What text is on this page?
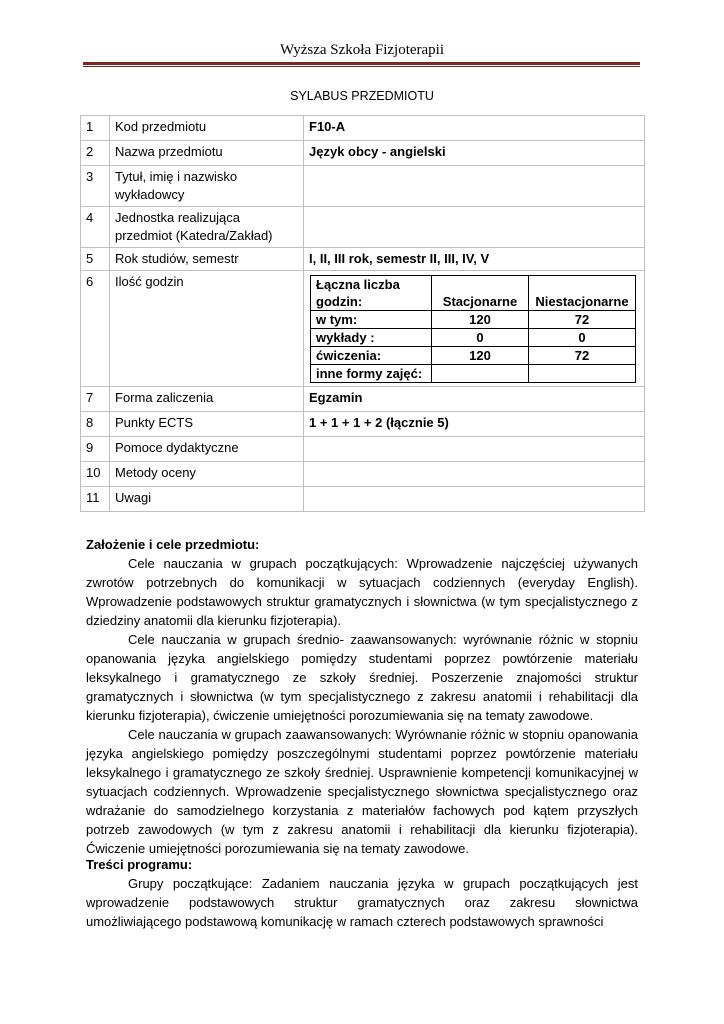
Wyższa Szkoła Fizjoterapii
SYLABUS PRZEDMIOTU
1	Kod przedmiotu	F10-A
2	Nazwa przedmiotu	Język obcy - angielski
3	Tytuł, imię i nazwisko wykładowcy	
4	Jednostka realizująca przedmiot (Katedra/Zakład)	
5	Rok studiów, semestr	I, II, III rok, semestr II, III, IV, V
6	Ilość godzin		Łączna liczba godzin:	Stacjonarne	Niestacjonarne
w tym:	120	72
wykłady :	0	0
ćwiczenia:	120	72
inne formy zajęć:		

7	Forma zaliczenia	Egzamin
8	Punkty ECTS	1 + 1 + 1 + 2 (łącznie 5)
9	Pomoce dydaktyczne	
10	Metody oceny	
11	Uwagi	

Założenie i cele przedmiotu:

Cele nauczania w grupach początkujących: Wprowadzenie najczęściej używanych zwrotów potrzebnych do komunikacji w sytuacjach codziennych (everyday English). Wprowadzenie podstawowych struktur gramatycznych i słownictwa (w tym specjalistycznego z dziedziny anatomii dla kierunku fizjoterapia).

Cele nauczania w grupach średnio- zaawansowanych: wyrównanie różnic w stopniu opanowania języka angielskiego pomiędzy studentami poprzez powtórzenie materiału leksykalnego i gramatycznego ze szkoły średniej. Poszerzenie znajomości struktur gramatycznych i słownictwa (w tym specjalistycznego z zakresu anatomii i rehabilitacji dla kierunku fizjoterapia), ćwiczenie umiejętności porozumiewania się na tematy zawodowe.

Cele nauczania w grupach zaawansowanych: Wyrównanie różnic w stopniu opanowania języka angielskiego pomiędzy poszczególnymi studentami poprzez powtórzenie materiału leksykalnego i gramatycznego ze szkoły średniej. Usprawnienie kompetencji komunikacyjnej w sytuacjach codziennych. Wprowadzenie specjalistycznego słownictwa specjalistycznego oraz wdrażanie do samodzielnego korzystania z materiałów fachowych pod kątem przyszłych potrzeb zawodowych (w tym z zakresu anatomii i rehabilitacji dla kierunku fizjoterapia). Ćwiczenie umiejętności porozumiewania się na tematy zawodowe.

Treści programu:

Grupy początkujące: Zadaniem nauczania języka w grupach początkujących jest wprowadzenie podstawowych struktur gramatycznych oraz zakresu słownictwa umożliwiającego podstawową komunikację w ramach czterech podstawowych sprawności
